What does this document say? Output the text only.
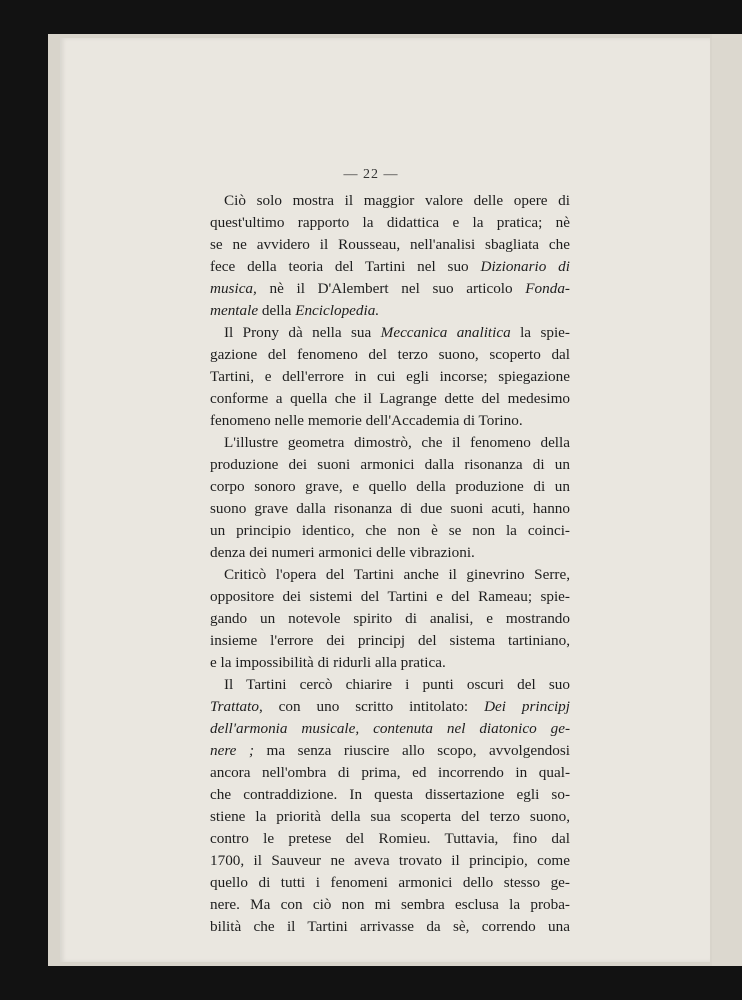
— 22 —
Ciò solo mostra il maggior valore delle opere di
quest'ultimo rapporto la didattica e la pratica; nè
se ne avvidero il Rousseau, nell'analisi sbagliata che
fece della teoria del Tartini nel suo Dizionario di
musica, nè il D'Alembert nel suo articolo Fonda-
mentale della Enciclopedia.
Il Prony dà nella sua Meccanica analitica la spie-
gazione del fenomeno del terzo suono, scoperto dal
Tartini, e dell'errore in cui egli incorse; spiegazione
conforme a quella che il Lagrange dette del medesimo
fenomeno nelle memorie dell'Accademia di Torino.
L'illustre geometra dimostrò, che il fenomeno della
produzione dei suoni armonici dalla risonanza di un
corpo sonoro grave, e quello della produzione di un
suono grave dalla risonanza di due suoni acuti, hanno
un principio identico, che non è se non la coinci-
denza dei numeri armonici delle vibrazioni.
Criticò l'opera del Tartini anche il ginevrino Serre,
oppositore dei sistemi del Tartini e del Rameau; spie-
gando un notevole spirito di analisi, e mostrando
insieme l'errore dei principj del sistema tartiniano,
e la impossibilità di ridurli alla pratica.
Il Tartini cercò chiarire i punti oscuri del suo
Trattato, con uno scritto intitolato: Dei principj
dell'armonia musicale, contenuta nel diatonico ge-
nere ; ma senza riuscire allo scopo, avvolgendosi
ancora nell'ombra di prima, ed incorrendo in qual-
che contraddizione. In questa dissertazione egli so-
stiene la priorità della sua scoperta del terzo suono,
contro le pretese del Romieu. Tuttavia, fino dal
1700, il Sauveur ne aveva trovato il principio, come
quello di tutti i fenomeni armonici dello stesso ge-
nere. Ma con ciò non mi sembra esclusa la proba-
bilità che il Tartini arrivasse da sè, correndo una
